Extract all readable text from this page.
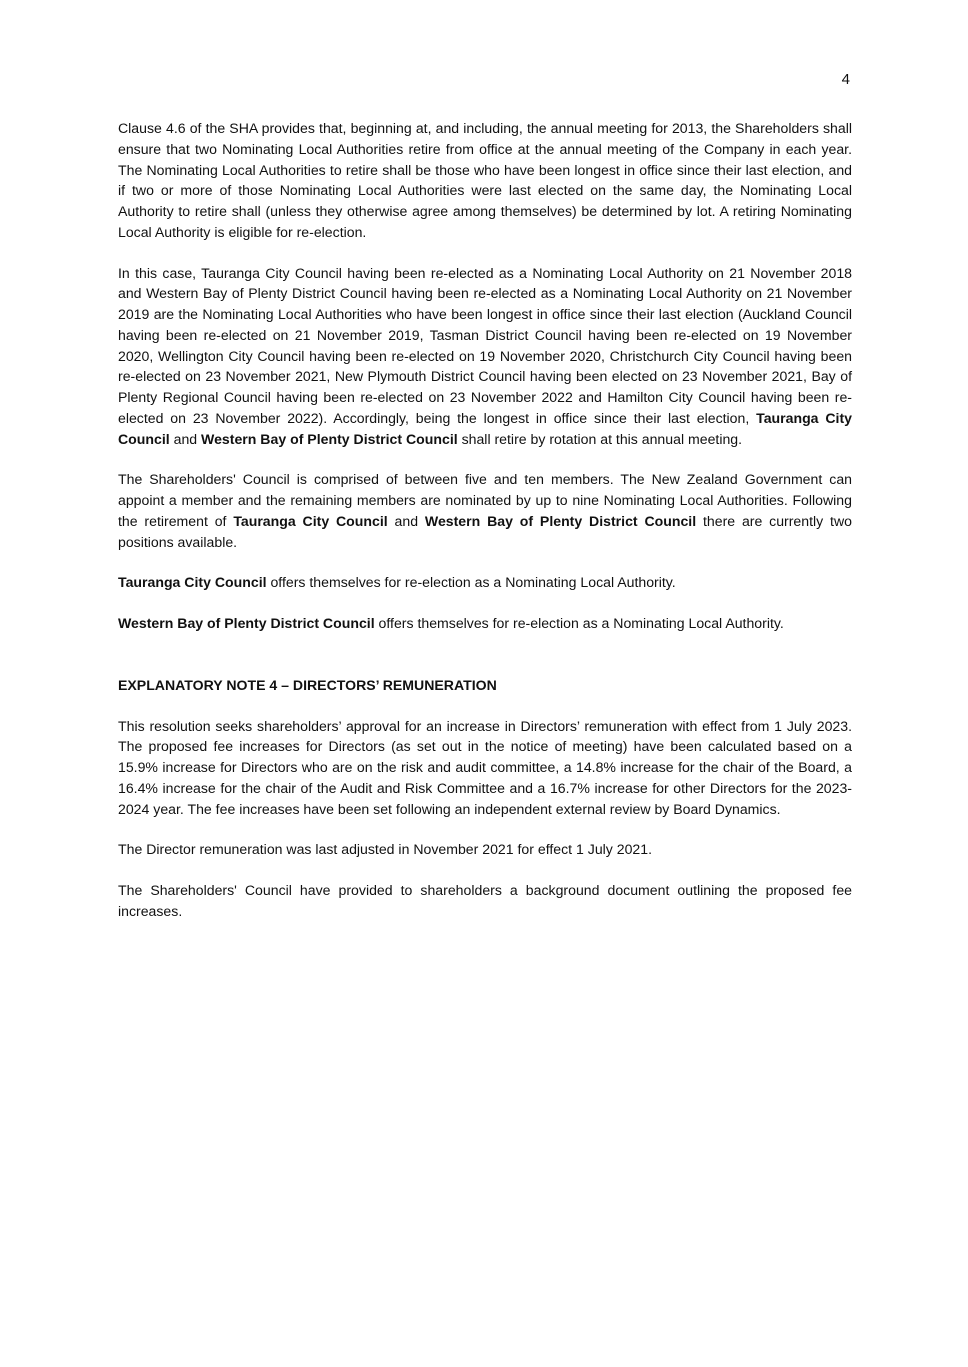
4

Clause 4.6 of the SHA provides that, beginning at, and including, the annual meeting for 2013, the Shareholders shall ensure that two Nominating Local Authorities retire from office at the annual meeting of the Company in each year. The Nominating Local Authorities to retire shall be those who have been longest in office since their last election, and if two or more of those Nominating Local Authorities were last elected on the same day, the Nominating Local Authority to retire shall (unless they otherwise agree among themselves) be determined by lot. A retiring Nominating Local Authority is eligible for re-election.

In this case, Tauranga City Council having been re-elected as a Nominating Local Authority on 21 November 2018 and Western Bay of Plenty District Council having been re-elected as a Nominating Local Authority on 21 November 2019 are the Nominating Local Authorities who have been longest in office since their last election (Auckland Council having been re-elected on 21 November 2019, Tasman District Council having been re-elected on 19 November 2020, Wellington City Council having been re-elected on 19 November 2020, Christchurch City Council having been re-elected on 23 November 2021, New Plymouth District Council having been elected on 23 November 2021, Bay of Plenty Regional Council having been re-elected on 23 November 2022 and Hamilton City Council having been re-elected on 23 November 2022). Accordingly, being the longest in office since their last election, Tauranga City Council and Western Bay of Plenty District Council shall retire by rotation at this annual meeting.

The Shareholders' Council is comprised of between five and ten members. The New Zealand Government can appoint a member and the remaining members are nominated by up to nine Nominating Local Authorities. Following the retirement of Tauranga City Council and Western Bay of Plenty District Council there are currently two positions available.

Tauranga City Council offers themselves for re-election as a Nominating Local Authority.

Western Bay of Plenty District Council offers themselves for re-election as a Nominating Local Authority.

EXPLANATORY NOTE 4 – DIRECTORS’ REMUNERATION

This resolution seeks shareholders’ approval for an increase in Directors’ remuneration with effect from 1 July 2023. The proposed fee increases for Directors (as set out in the notice of meeting) have been calculated based on a 15.9% increase for Directors who are on the risk and audit committee, a 14.8% increase for the chair of the Board, a 16.4% increase for the chair of the Audit and Risk Committee and a 16.7% increase for other Directors for the 2023-2024 year. The fee increases have been set following an independent external review by Board Dynamics.

The Director remuneration was last adjusted in November 2021 for effect 1 July 2021.

The Shareholders' Council have provided to shareholders a background document outlining the proposed fee increases.
